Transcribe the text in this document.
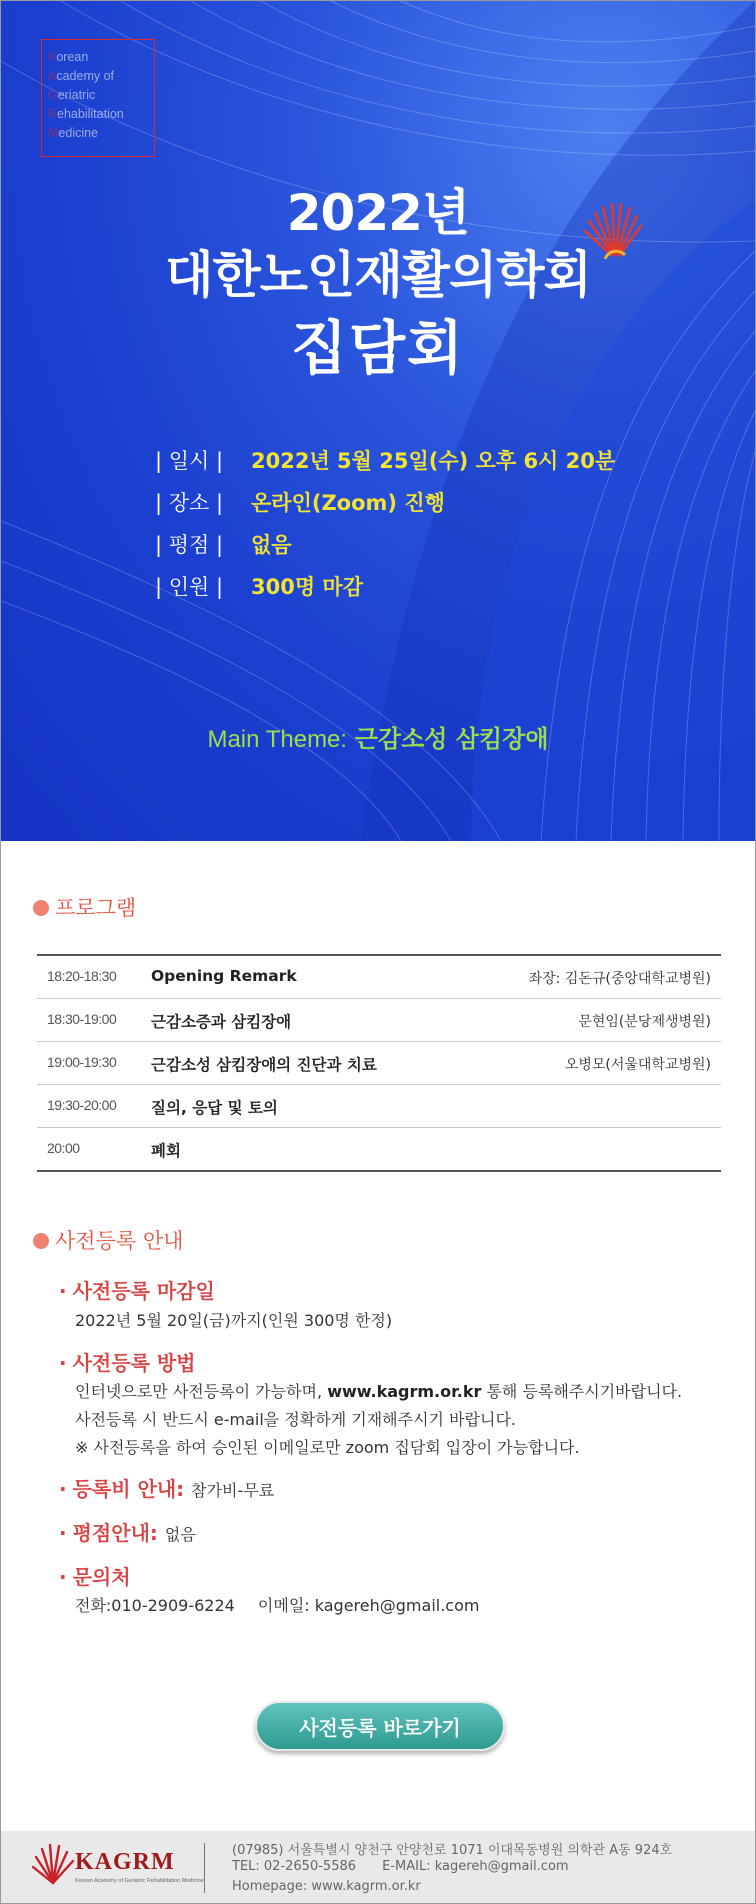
Korean
Academy of
Geriatric
Rehabilitation
Medicine
2022년
대한노인재활의학회
집담회
| 일시 | 2022년 5월 25일(수) 오후 6시 20분
| 장소 | 온라인(Zoom) 진행
| 평점 | 없음
| 인원 | 300명 마감
Main Theme: 근감소성 삼킴장애
프로그램
18:20-18:30 Opening Remark	좌장: 김돈규(중앙대학교병원)
18:30-19:00 근감소증과 삼킴장애	문현임(분당제생병원)
19:00-19:30 근감소성 삼킴장애의 진단과 치료	오병모(서울대학교병원)
19:30-20:00 질의, 응답 및 토의
20:00	폐회
사전등록 안내
· 사전등록 마감일
2022년 5월 20일(금)까지(인원 300명 한정)
· 사전등록 방법
인터넷으로만 사전등록이 가능하며, www.kagrm.or.kr 통해 등록해주시기바랍니다.
사전등록 시 반드시 e-mail을 정확하게 기재해주시기 바랍니다.
※ 사전등록을 하여 승인된 이메일로만 zoom 집담회 입장이 가능합니다.
· 등록비 안내: 참가비-무료
· 평점안내: 없음
· 문의처
전화:010-2909-6224 이메일: kagereh@gmail.com
사전등록 바로가기
KAGRM
Korean Academy of Geriatric Rehabilitation Medicine
(07985) 서울특별시 양천구 안양천로 1071 이대목동병원 의학관 A동 924호
TEL: 02-2650-5586 E-MAIL: kagereh@gmail.com
Homepage: www.kagrm.or.kr
